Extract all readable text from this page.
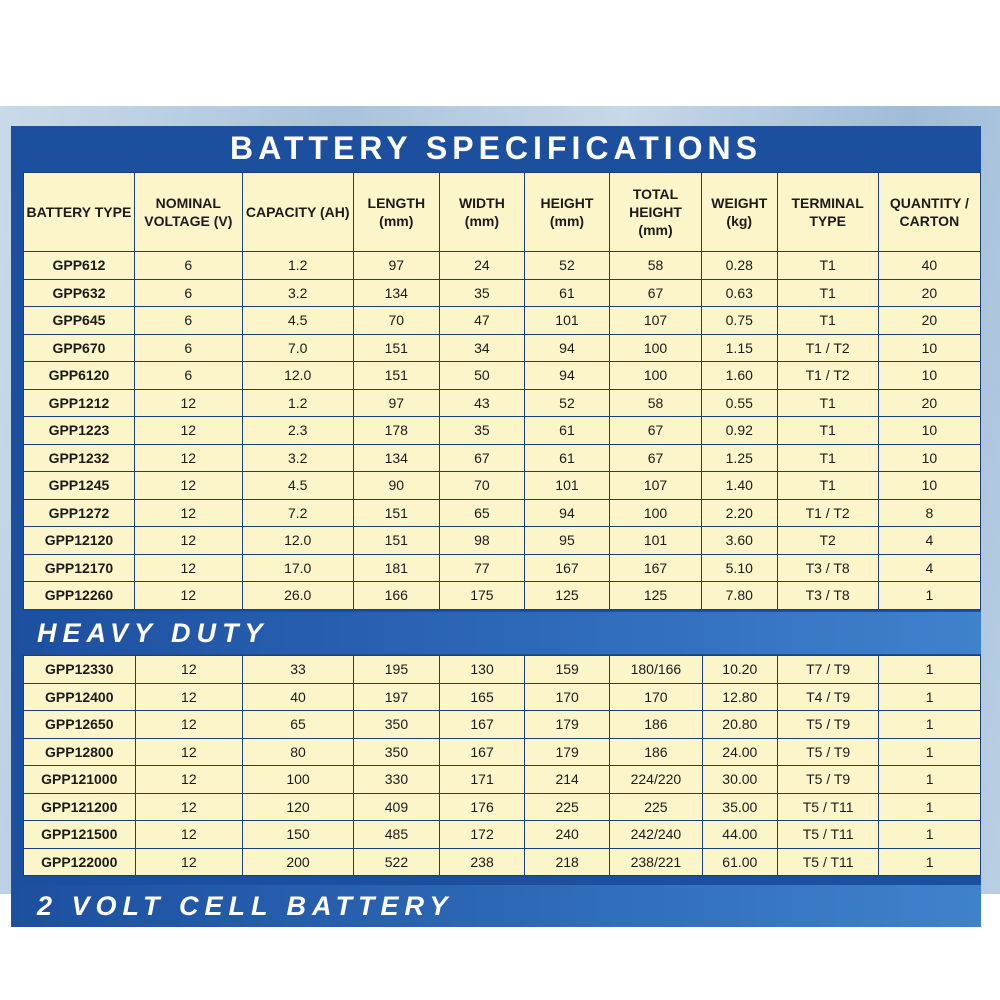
BATTERY SPECIFICATIONS
BATTERY TYPE	NOMINAL VOLTAGE (V)	CAPACITY (AH)	LENGTH (mm)	WIDTH (mm)	HEIGHT (mm)	TOTAL HEIGHT (mm)	WEIGHT (kg)	TERMINAL TYPE	QUANTITY / CARTON
GPP612	6	1.2	97	24	52	58	0.28	T1	40
GPP632	6	3.2	134	35	61	67	0.63	T1	20
GPP645	6	4.5	70	47	101	107	0.75	T1	20
GPP670	6	7.0	151	34	94	100	1.15	T1 / T2	10
GPP6120	6	12.0	151	50	94	100	1.60	T1 / T2	10
GPP1212	12	1.2	97	43	52	58	0.55	T1	20
GPP1223	12	2.3	178	35	61	67	0.92	T1	10
GPP1232	12	3.2	134	67	61	67	1.25	T1	10
GPP1245	12	4.5	90	70	101	107	1.40	T1	10
GPP1272	12	7.2	151	65	94	100	2.20	T1 / T2	8
GPP12120	12	12.0	151	98	95	101	3.60	T2	4
GPP12170	12	17.0	181	77	167	167	5.10	T3 / T8	4
GPP12260	12	26.0	166	175	125	125	7.80	T3 / T8	1
HEAVY DUTY
GPP12330	12	33	195	130	159	180/166	10.20	T7 / T9	1
GPP12400	12	40	197	165	170	170	12.80	T4 / T9	1
GPP12650	12	65	350	167	179	186	20.80	T5 / T9	1
GPP12800	12	80	350	167	179	186	24.00	T5 / T9	1
GPP121000	12	100	330	171	214	224/220	30.00	T5 / T9	1
GPP121200	12	120	409	176	225	225	35.00	T5 / T11	1
GPP121500	12	150	485	172	240	242/240	44.00	T5 / T11	1
GPP122000	12	200	522	238	218	238/221	61.00	T5 / T11	1
2 VOLT CELL BATTERY
